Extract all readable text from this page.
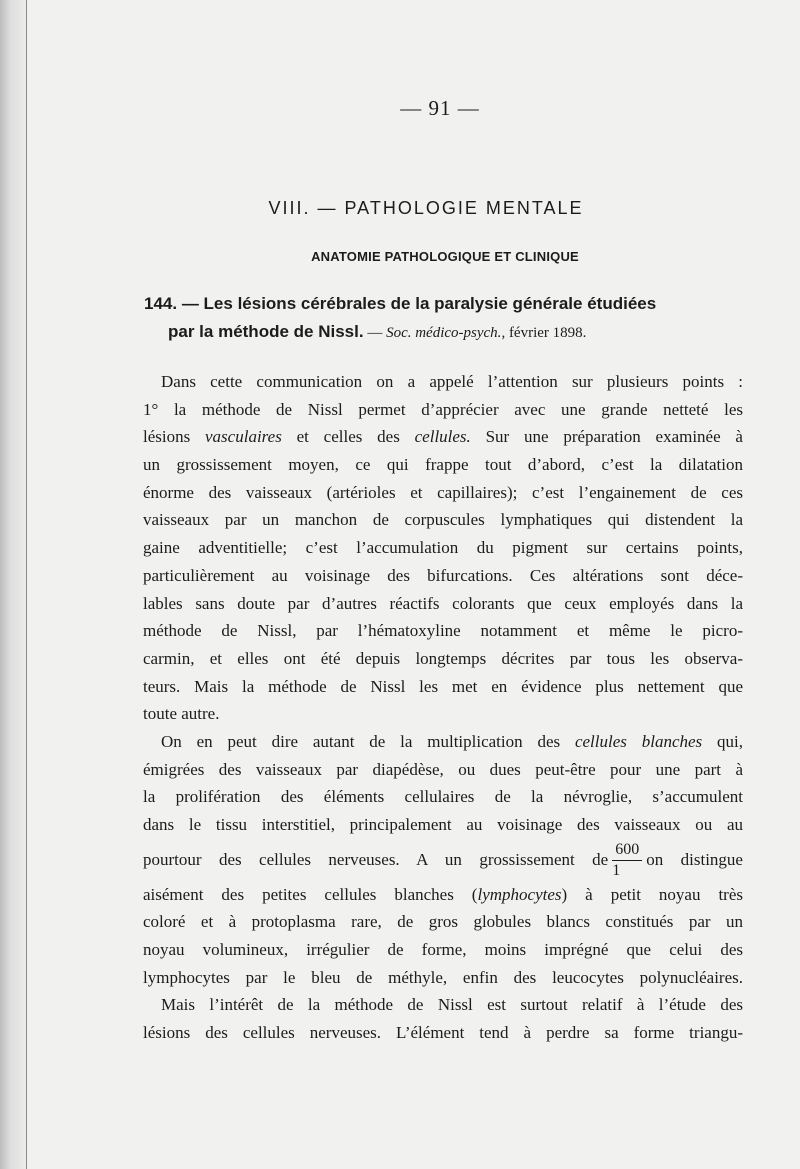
— 91 —
VIII. — PATHOLOGIE MENTALE
ANATOMIE PATHOLOGIQUE ET CLINIQUE
144. — Les lésions cérébrales de la paralysie générale étudiées
par la méthode de Nissl. — Soc. médico-psych., février 1898.
Dans cette communication on a appelé l’attention sur plusieurs points :
1° la méthode de Nissl permet d’apprécier avec une grande netteté les
lésions vasculaires et celles des cellules. Sur une préparation examinée à
un grossissement moyen, ce qui frappe tout d’abord, c’est la dilatation
énorme des vaisseaux (artérioles et capillaires); c’est l’engainement de ces
vaisseaux par un manchon de corpuscules lymphatiques qui distendent la
gaine adventitielle; c’est l’accumulation du pigment sur certains points,
particulièrement au voisinage des bifurcations. Ces altérations sont déce-
lables sans doute par d’autres réactifs colorants que ceux employés dans la
méthode de Nissl, par l’hématoxyline notamment et même le picro-
carmin, et elles ont été depuis longtemps décrites par tous les observa-
teurs. Mais la méthode de Nissl les met en évidence plus nettement que
toute autre.
On en peut dire autant de la multiplication des cellules blanches qui,
émigrées des vaisseaux par diapédèse, ou dues peut-être pour une part à
la prolifération des éléments cellulaires de la névroglie, s’accumulent
dans le tissu interstitiel, principalement au voisinage des vaisseaux ou au
pourtour des cellules nerveuses. A un grossissement de $\frac{600}{1}$ on distingue
aisément des petites cellules blanches (lymphocytes) à petit noyau très
coloré et à protoplasma rare, de gros globules blancs constitués par un
noyau volumineux, irrégulier de forme, moins imprégné que celui des
lymphocytes par le bleu de méthyle, enfin des leucocytes polynucléaires.
Mais l’intérêt de la méthode de Nissl est surtout relatif à l’étude des
lésions des cellules nerveuses. L’élément tend à perdre sa forme triangu-
